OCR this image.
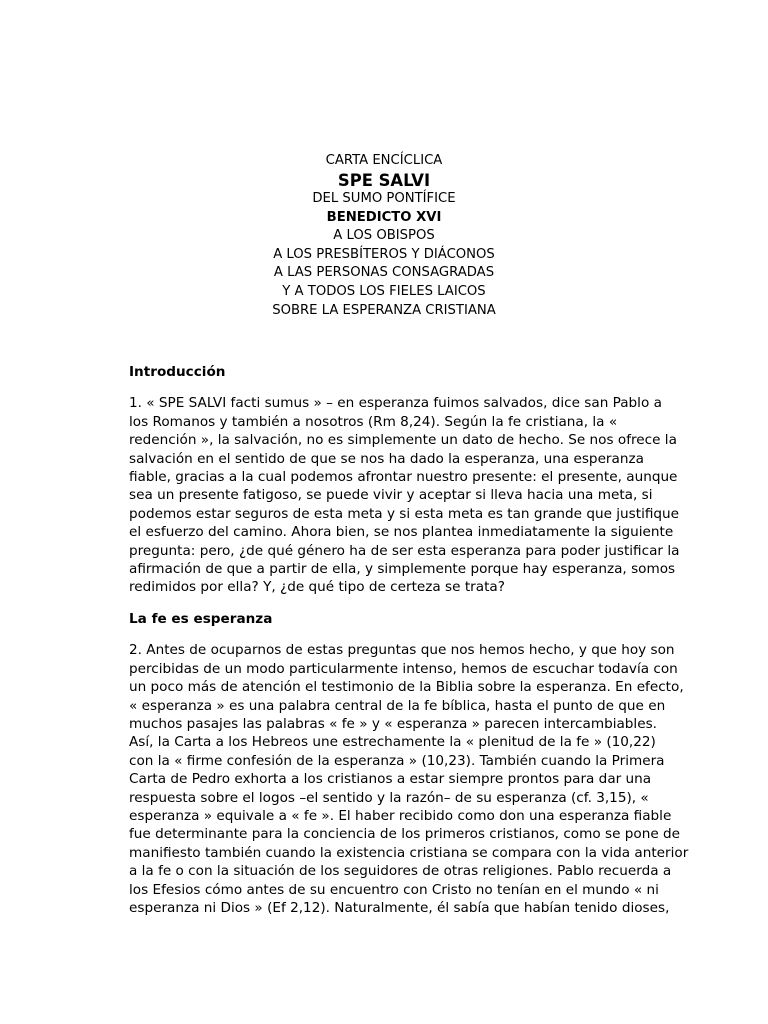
CARTA ENCÍCLICA
SPE SALVI
DEL SUMO PONTÍFICE
BENEDICTO XVI
A LOS OBISPOS
A LOS PRESBÍTEROS Y DIÁCONOS
A LAS PERSONAS CONSAGRADAS
Y A TODOS LOS FIELES LAICOS
SOBRE LA ESPERANZA CRISTIANA
Introducción

1. « SPE SALVI facti sumus » – en esperanza fuimos salvados, dice san Pablo a
los Romanos y también a nosotros (Rm 8,24). Según la fe cristiana, la «
redención », la salvación, no es simplemente un dato de hecho. Se nos ofrece la
salvación en el sentido de que se nos ha dado la esperanza, una esperanza
fiable, gracias a la cual podemos afrontar nuestro presente: el presente, aunque
sea un presente fatigoso, se puede vivir y aceptar si lleva hacia una meta, si
podemos estar seguros de esta meta y si esta meta es tan grande que justifique
el esfuerzo del camino. Ahora bien, se nos plantea inmediatamente la siguiente
pregunta: pero, ¿de qué género ha de ser esta esperanza para poder justificar la
afirmación de que a partir de ella, y simplemente porque hay esperanza, somos
redimidos por ella? Y, ¿de qué tipo de certeza se trata?

La fe es esperanza

2. Antes de ocuparnos de estas preguntas que nos hemos hecho, y que hoy son
percibidas de un modo particularmente intenso, hemos de escuchar todavía con
un poco más de atención el testimonio de la Biblia sobre la esperanza. En efecto,
« esperanza » es una palabra central de la fe bíblica, hasta el punto de que en
muchos pasajes las palabras « fe » y « esperanza » parecen intercambiables.
Así, la Carta a los Hebreos une estrechamente la « plenitud de la fe » (10,22)
con la « firme confesión de la esperanza » (10,23). También cuando la Primera
Carta de Pedro exhorta a los cristianos a estar siempre prontos para dar una
respuesta sobre el logos –el sentido y la razón– de su esperanza (cf. 3,15), «
esperanza » equivale a « fe ». El haber recibido como don una esperanza fiable
fue determinante para la conciencia de los primeros cristianos, como se pone de
manifiesto también cuando la existencia cristiana se compara con la vida anterior
a la fe o con la situación de los seguidores de otras religiones. Pablo recuerda a
los Efesios cómo antes de su encuentro con Cristo no tenían en el mundo « ni
esperanza ni Dios » (Ef 2,12). Naturalmente, él sabía que habían tenido dioses,
